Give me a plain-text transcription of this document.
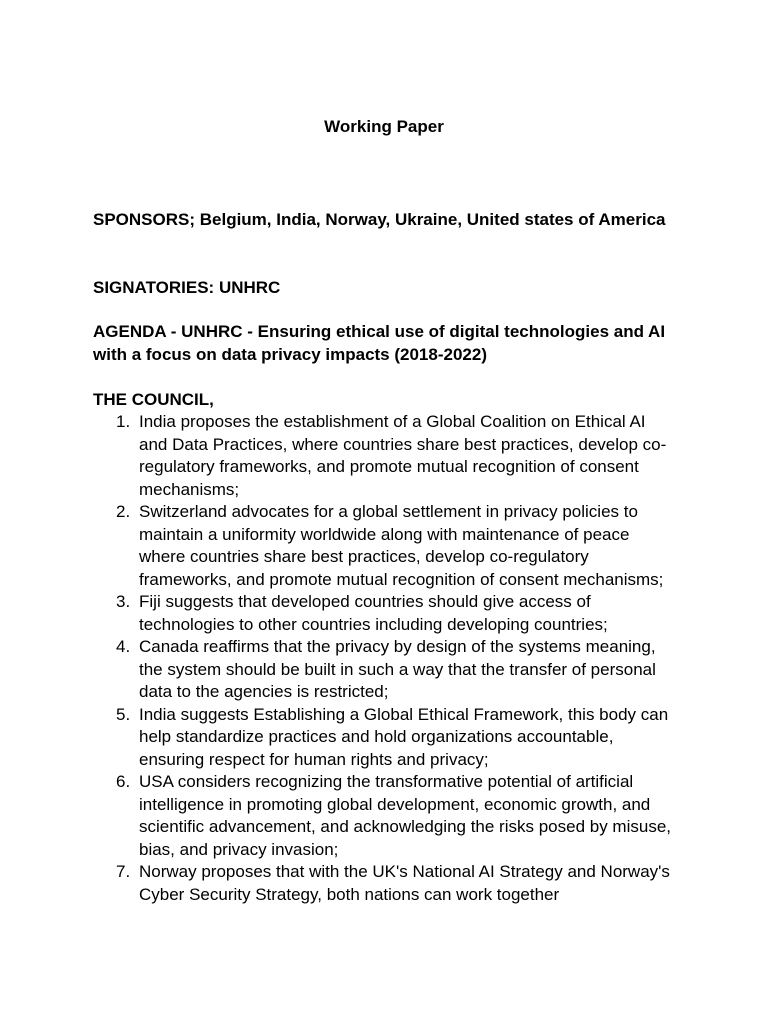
Working Paper
SPONSORS; Belgium, India, Norway, Ukraine, United states of America
SIGNATORIES: UNHRC
AGENDA - UNHRC - Ensuring ethical use of digital technologies and AI with a focus on data privacy impacts (2018-2022)
THE COUNCIL,
1. India proposes the establishment of a Global Coalition on Ethical AI and Data Practices, where countries share best practices, develop co-regulatory frameworks, and promote mutual recognition of consent mechanisms;
2. Switzerland advocates for a global settlement in privacy policies to maintain a uniformity worldwide along with maintenance of peace where countries share best practices, develop co-regulatory frameworks, and promote mutual recognition of consent mechanisms;
3. Fiji suggests that developed countries should give access of technologies to other countries including developing countries;
4. Canada reaffirms that the privacy by design of the systems meaning, the system should be built in such a way that the transfer of personal data to the agencies is restricted;
5. India suggests Establishing a Global Ethical Framework, this body can help standardize practices and hold organizations accountable, ensuring respect for human rights and privacy;
6. USA considers recognizing the transformative potential of artificial intelligence in promoting global development, economic growth, and scientific advancement, and acknowledging the risks posed by misuse, bias, and privacy invasion;
7. Norway proposes that with the UK's National AI Strategy and Norway's Cyber Security Strategy, both nations can work together
